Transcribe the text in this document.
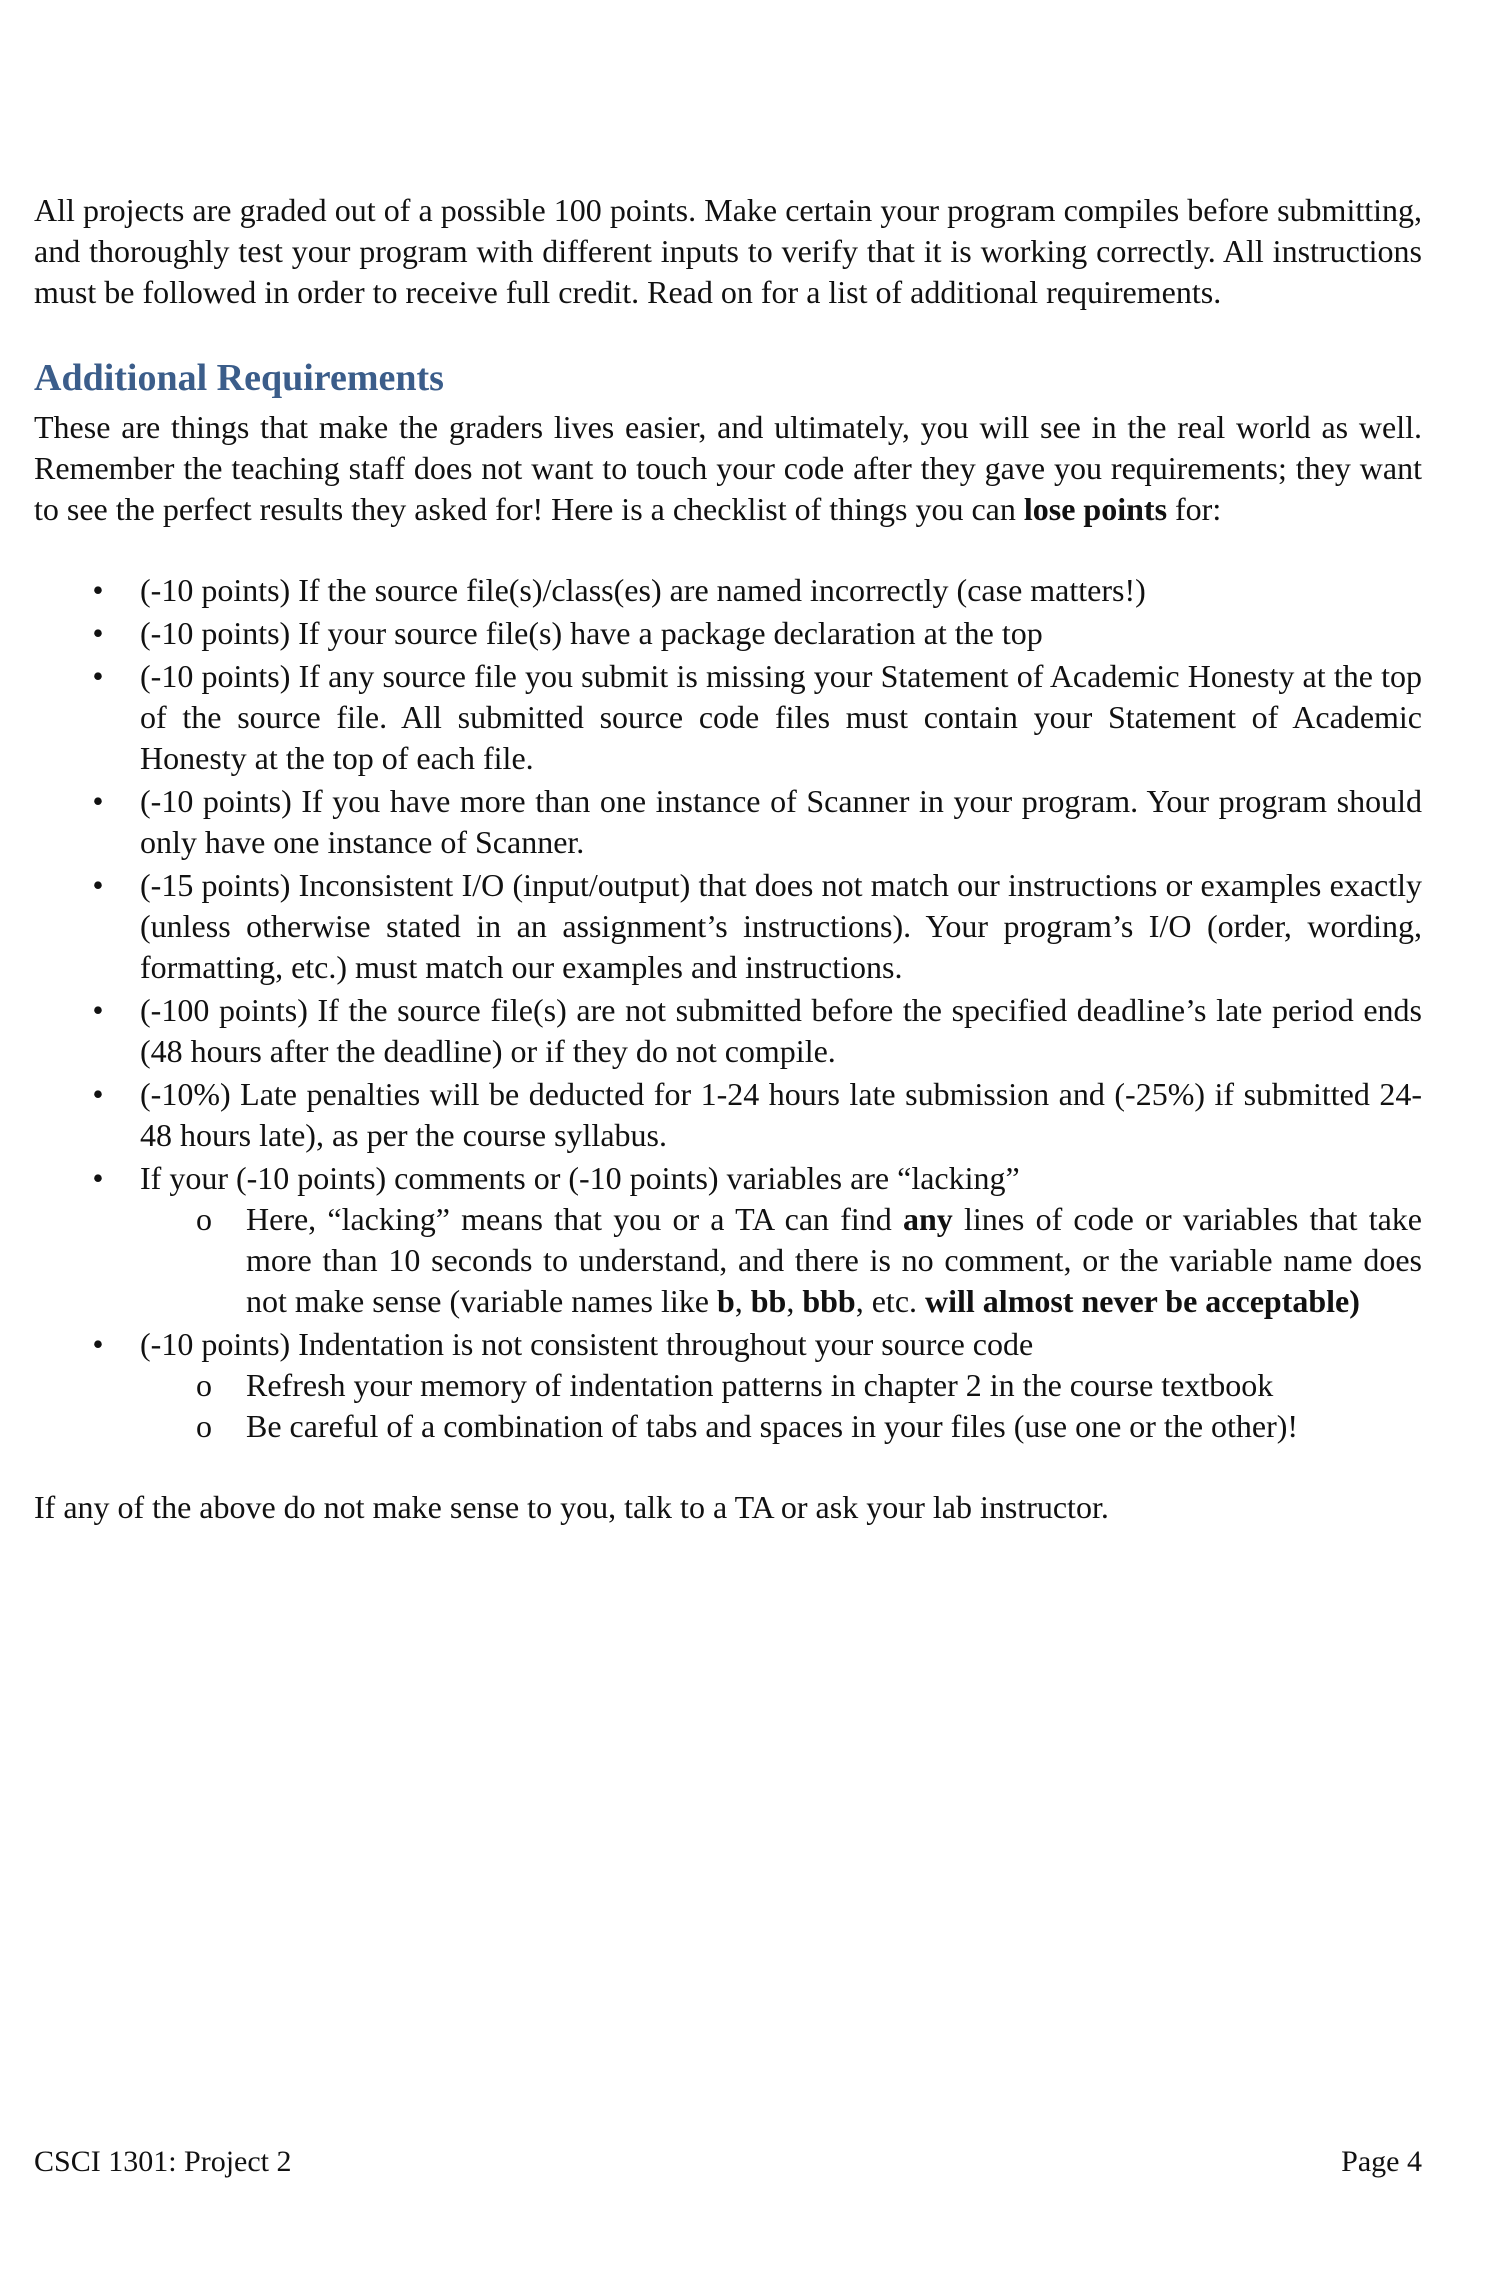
All projects are graded out of a possible 100 points. Make certain your program compiles before submitting, and thoroughly test your program with different inputs to verify that it is working correctly. All instructions must be followed in order to receive full credit. Read on for a list of additional requirements.

Additional Requirements

These are things that make the graders lives easier, and ultimately, you will see in the real world as well. Remember the teaching staff does not want to touch your code after they gave you requirements; they want to see the perfect results they asked for! Here is a checklist of things you can lose points for:

• (-10 points) If the source file(s)/class(es) are named incorrectly (case matters!)
• (-10 points) If your source file(s) have a package declaration at the top
• (-10 points) If any source file you submit is missing your Statement of Academic Honesty at the top of the source file. All submitted source code files must contain your Statement of Academic Honesty at the top of each file.
• (-10 points) If you have more than one instance of Scanner in your program. Your program should only have one instance of Scanner.
• (-15 points) Inconsistent I/O (input/output) that does not match our instructions or examples exactly (unless otherwise stated in an assignment’s instructions). Your program’s I/O (order, wording, formatting, etc.) must match our examples and instructions.
• (-100 points) If the source file(s) are not submitted before the specified deadline’s late period ends (48 hours after the deadline) or if they do not compile.
• (-10%) Late penalties will be deducted for 1-24 hours late submission and (-25%) if submitted 24-48 hours late), as per the course syllabus.
• If your (-10 points) comments or (-10 points) variables are “lacking”
o Here, “lacking” means that you or a TA can find any lines of code or variables that take more than 10 seconds to understand, and there is no comment, or the variable name does not make sense (variable names like b, bb, bbb, etc. will almost never be acceptable)
• (-10 points) Indentation is not consistent throughout your source code
o Refresh your memory of indentation patterns in chapter 2 in the course textbook
o Be careful of a combination of tabs and spaces in your files (use one or the other)!

If any of the above do not make sense to you, talk to a TA or ask your lab instructor.

CSCI 1301: Project 2	Page 4
